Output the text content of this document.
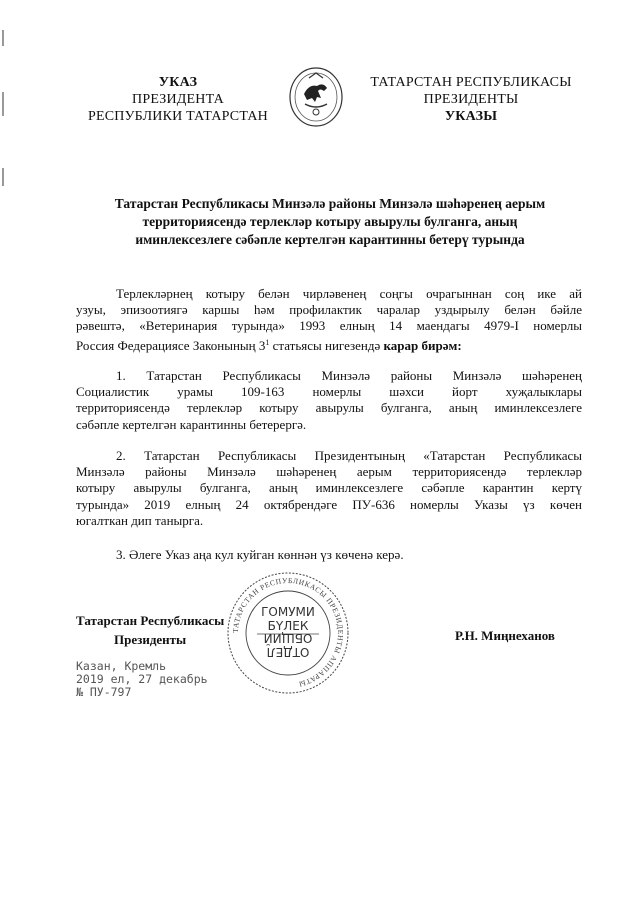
УКАЗ
ПРЕЗИДЕНТА
РЕСПУБЛИКИ ТАТАРСТАН
ТАТАРСТАН РЕСПУБЛИКАСЫ
ПРЕЗИДЕНТЫ
УКАЗЫ
Татарстан Республикасы Минзәлә районы Минзәлә шәһәренең аерым
территориясендә терлекләр котыру авырулы булганга, аның
иминлексезлеге сәбәпле кертелгән карантинны бетерү турында
Терлекләрнең котыру белән чирләвенең соңгы очрагыннан соң ике ай
узуы, эпизоотиягә каршы һәм профилактик чаралар уздырылу белән бәйле
рәвештә, «Ветеринария турында» 1993 елның 14 маендагы 4979-I номерлы
Россия Федерациясе Законының $3^1$ статьясы нигезендә карар бирәм:
1. Татарстан Республикасы Минзәлә районы Минзәлә шәһәренең
Социалистик урамы 109-163 номерлы шәхси йорт хуҗалыклары
территориясендә терлекләр котыру авырулы булганга, аның иминлексезлеге
сәбәпле кертелгән карантинны бетерергә.
2. Татарстан Республикасы Президентының «Татарстан Республикасы
Минзәлә районы Минзәлә шәһәренең аерым территориясендә терлекләр
котыру авырулы булганга, аның иминлексезлеге сәбәпле карантин кертү
турында» 2019 елның 24 октябрендәге ПУ-636 номерлы Указы үз көчен
югалткан дип танырга.
3. Әлеге Указ аңа кул куйган көннән үз көченә керә.
Татарстан Республикасы
Президенты
ТАТАРСТАН РЕСПУБЛИКАСЫ ПРЕЗИДЕНТЫ АППАРАТЫ
ГОМУМИ
БҮЛЕК
ОТДЕЛ
ОБЩИЙ	Р.Н. Миңнеханов
Казан, Кремль
2019 ел, 27 декабрь
№ ПУ-797
